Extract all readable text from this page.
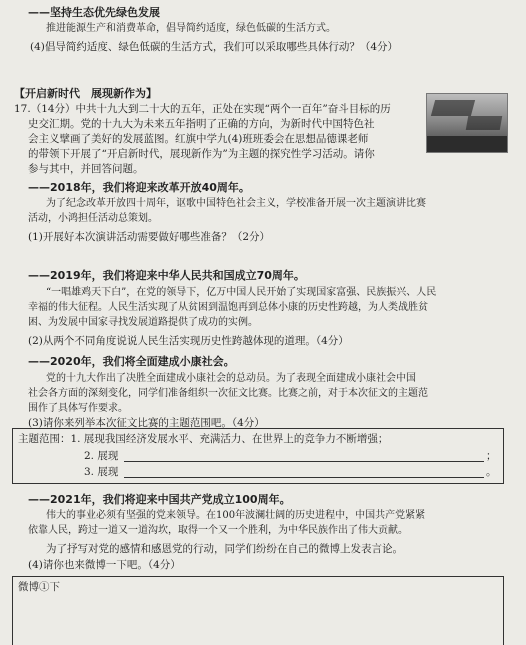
——坚持生态优先绿色发展
推进能源生产和消费革命，倡导简约适度，绿色低碳的生活方式。
(4)倡导简约适度、绿色低碳的生活方式，我们可以采取哪些具体行动？（4分）
【开启新时代　展现新作为】
17.（14分）中共十九大到二十大的五年，正处在实现“两个一百年”奋斗目标的历
史交汇期。党的十九大为未来五年指明了正确的方向，为新时代中国特色社
会主义擘画了美好的发展蓝图。红旗中学九(4)班班委会在思想品德课老师
的带领下开展了“开启新时代，展现新作为”为主题的探究性学习活动。请你
参与其中，并回答问题。
——2018年，我们将迎来改革开放40周年。
为了纪念改革开放四十周年，讴歌中国特色社会主义，学校准备开展一次主题演讲比赛
活动，小鸿担任活动总策划。
(1)开展好本次演讲活动需要做好哪些准备？（2分）
——2019年，我们将迎来中华人民共和国成立70周年。
“一唱雄鸡天下白”，在党的领导下，亿万中国人民开始了实现国家富强、民族振兴、人民
幸福的伟大征程。人民生活实现了从贫困到温饱再到总体小康的历史性跨越，为人类战胜贫
困、为发展中国家寻找发展道路提供了成功的实例。
(2)从两个不同角度说说人民生活实现历史性跨越体现的道理。（4分）
——2020年，我们将全面建成小康社会。
党的十九大作出了决胜全面建成小康社会的总动员。为了表现全面建成小康社会中国
社会各方面的深刻变化，同学们准备组织一次征文比赛。比赛之前，对于本次征文的主题范
围作了具体写作要求。
(3)请你来列举本次征文比赛的主题范围吧。（4分）
主题范围：1. 展现我国经济发展水平、充满活力、在世界上的竞争力不断增强；
2. 展现	；
3. 展现	。
——2021年，我们将迎来中国共产党成立100周年。
伟大的事业必须有坚强的党来领导。在100年波澜壮阔的历史进程中，中国共产党紧紧
依靠人民，跨过一道又一道沟坎，取得一个又一个胜利，为中华民族作出了伟大贡献。
为了抒写对党的感情和感恩党的行动，同学们纷纷在自己的微博上发表言论。
(4)请你也来微博一下吧。（4分）
微博①下
